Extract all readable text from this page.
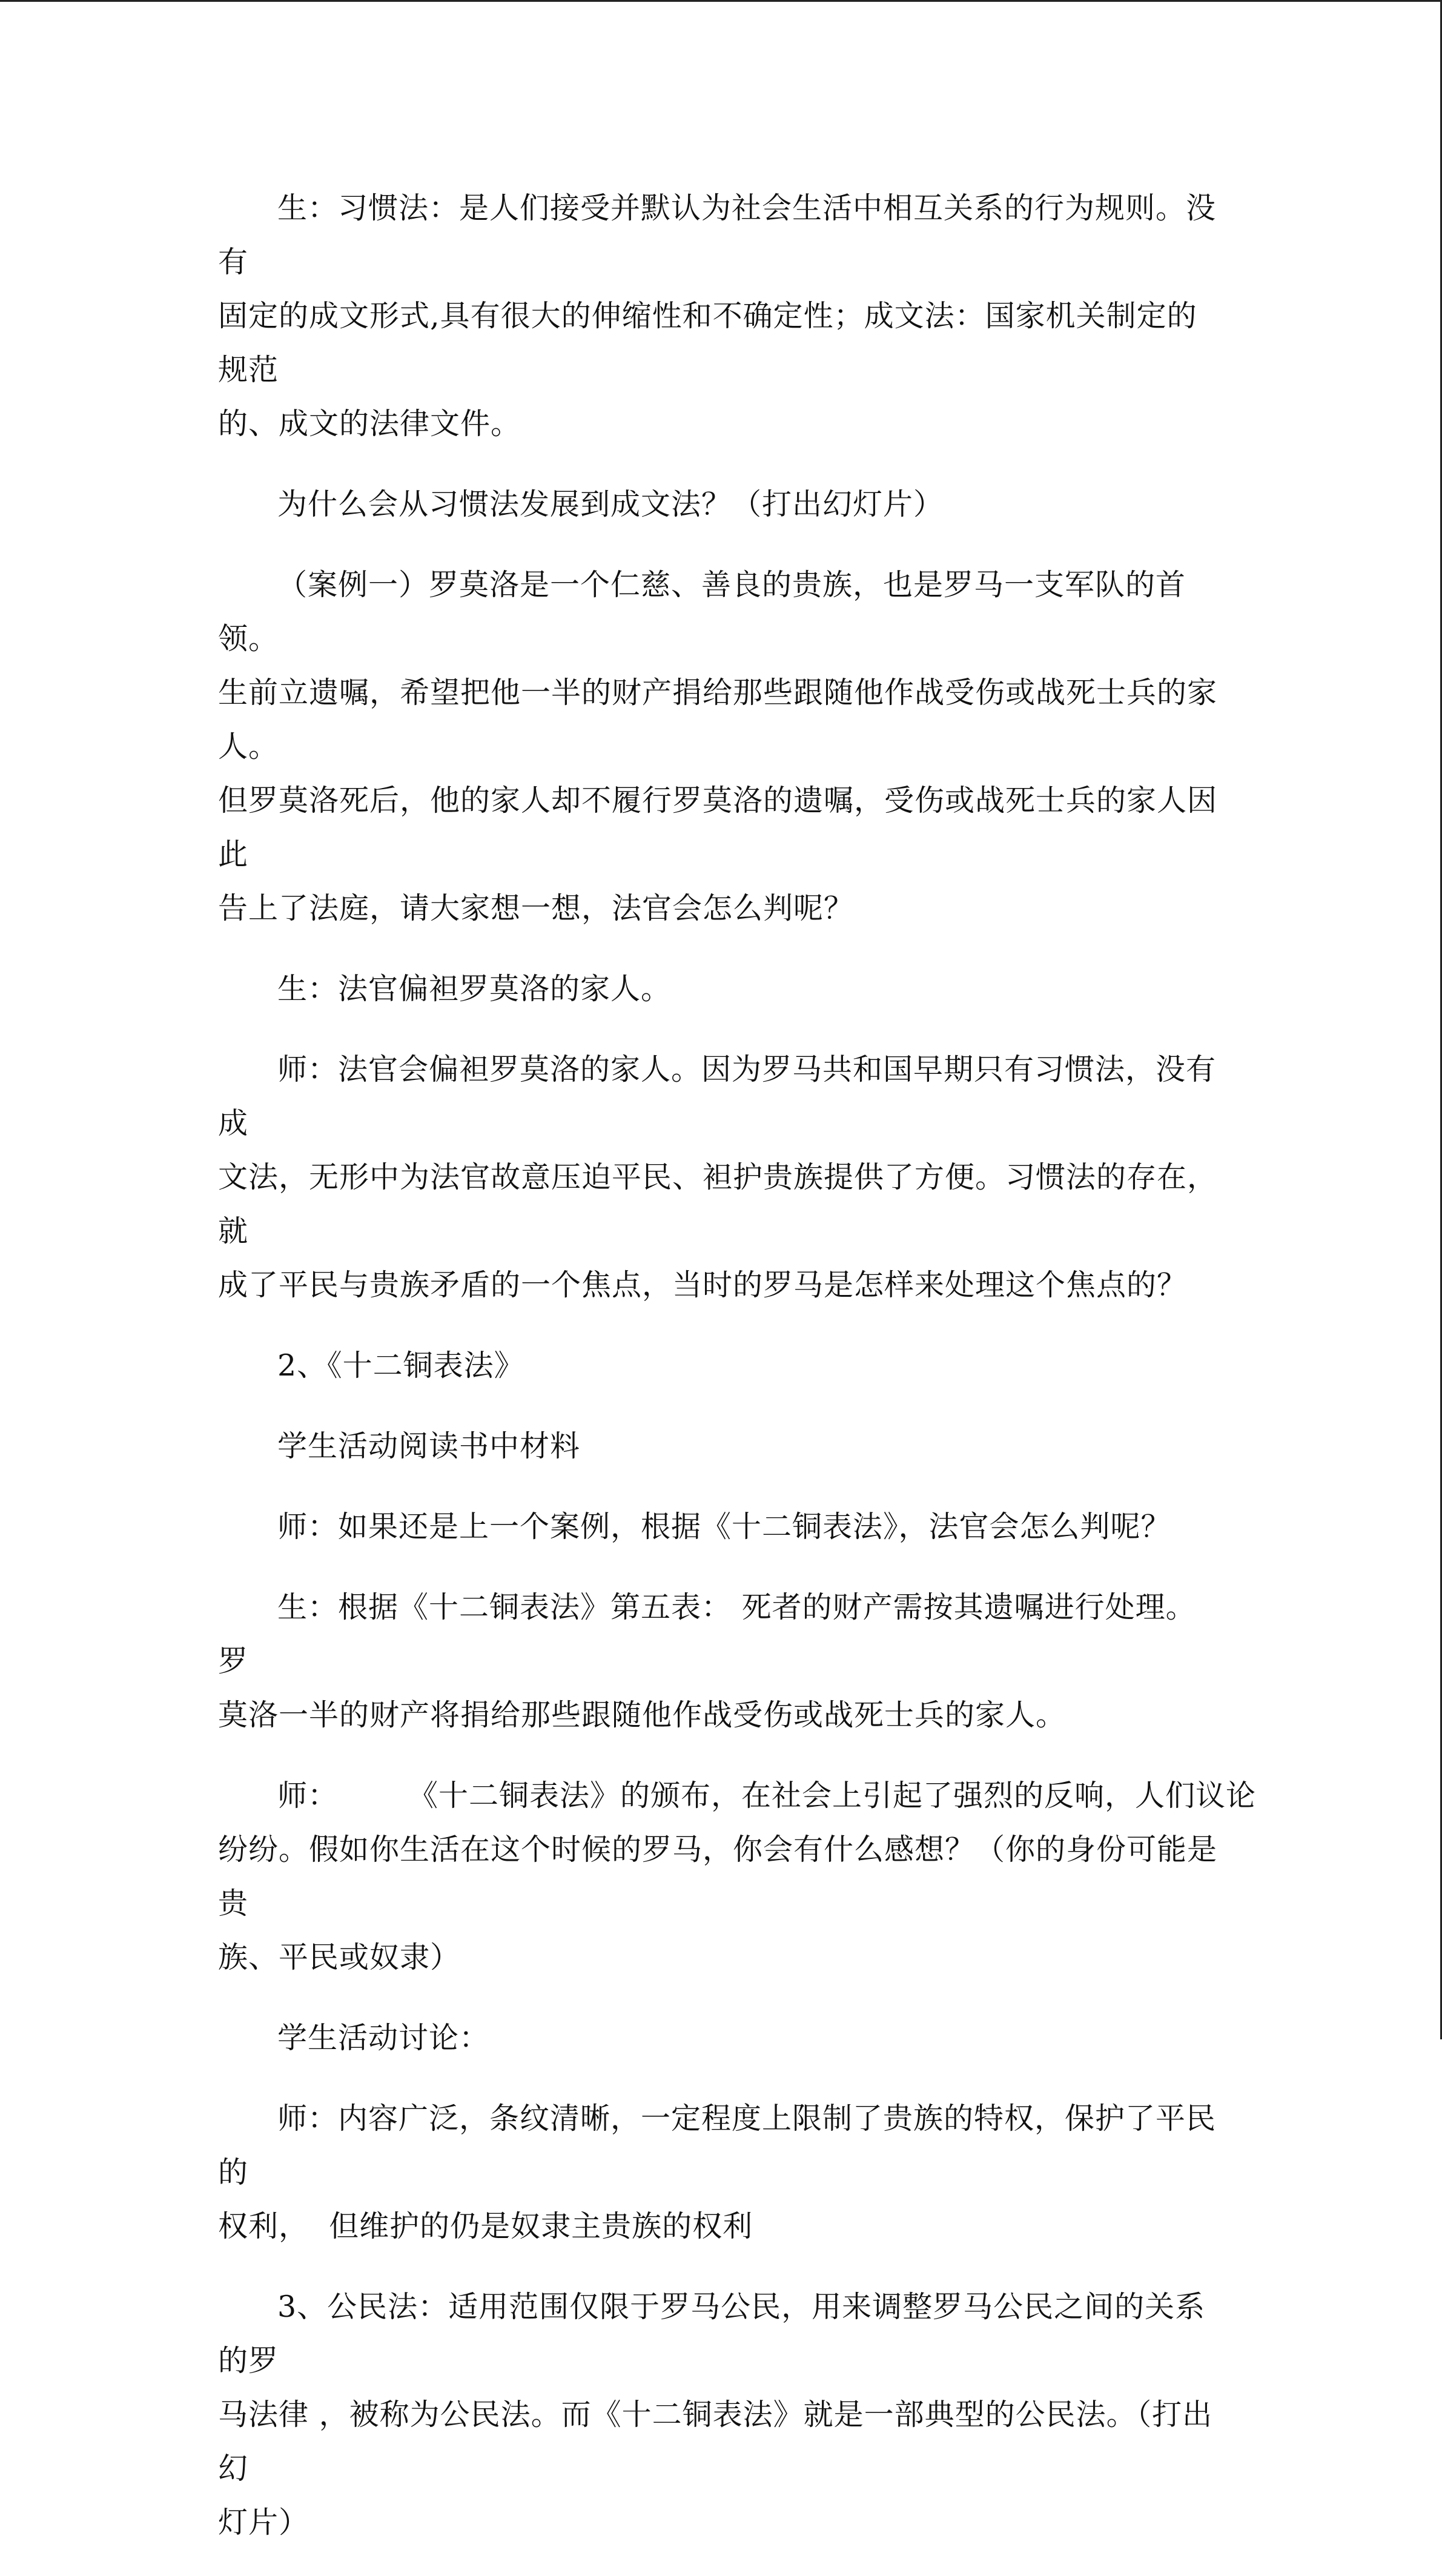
生：习惯法：是人们接受并默认为社会生活中相互关系的行为规则。没有
固定的成文形式,具有很大的伸缩性和不确定性；成文法：国家机关制定的规范
的、成文的法律文件。

为什么会从习惯法发展到成文法？（打出幻灯片）

（案例一）罗莫洛是一个仁慈、善良的贵族，也是罗马一支军队的首领。
生前立遗嘱，希望把他一半的财产捐给那些跟随他作战受伤或战死士兵的家人。
但罗莫洛死后，他的家人却不履行罗莫洛的遗嘱，受伤或战死士兵的家人因此
告上了法庭，请大家想一想，法官会怎么判呢？

生：法官偏袒罗莫洛的家人。

师：法官会偏袒罗莫洛的家人。因为罗马共和国早期只有习惯法，没有成
文法，无形中为法官故意压迫平民、袒护贵族提供了方便。习惯法的存在，就
成了平民与贵族矛盾的一个焦点，当时的罗马是怎样来处理这个焦点的？

2、《十二铜表法》

学生活动阅读书中材料

师：如果还是上一个案例，根据《十二铜表法》，法官会怎么判呢？

生：根据《十二铜表法》第五表： 死者的财产需按其遗嘱进行处理。 罗
莫洛一半的财产将捐给那些跟随他作战受伤或战死士兵的家人。

师：       《十二铜表法》的颁布，在社会上引起了强烈的反响，人们议论
纷纷。假如你生活在这个时候的罗马，你会有什么感想？（你的身份可能是贵
族、平民或奴隶）

学生活动讨论：

师：内容广泛，条纹清晰，一定程度上限制了贵族的特权，保护了平民的
权利，  但维护的仍是奴隶主贵族的权利

3、公民法：适用范围仅限于罗马公民，用来调整罗马公民之间的关系的罗
马法律 ，被称为公民法。而《十二铜表法》就是一部典型的公民法。（打出幻
灯片）
